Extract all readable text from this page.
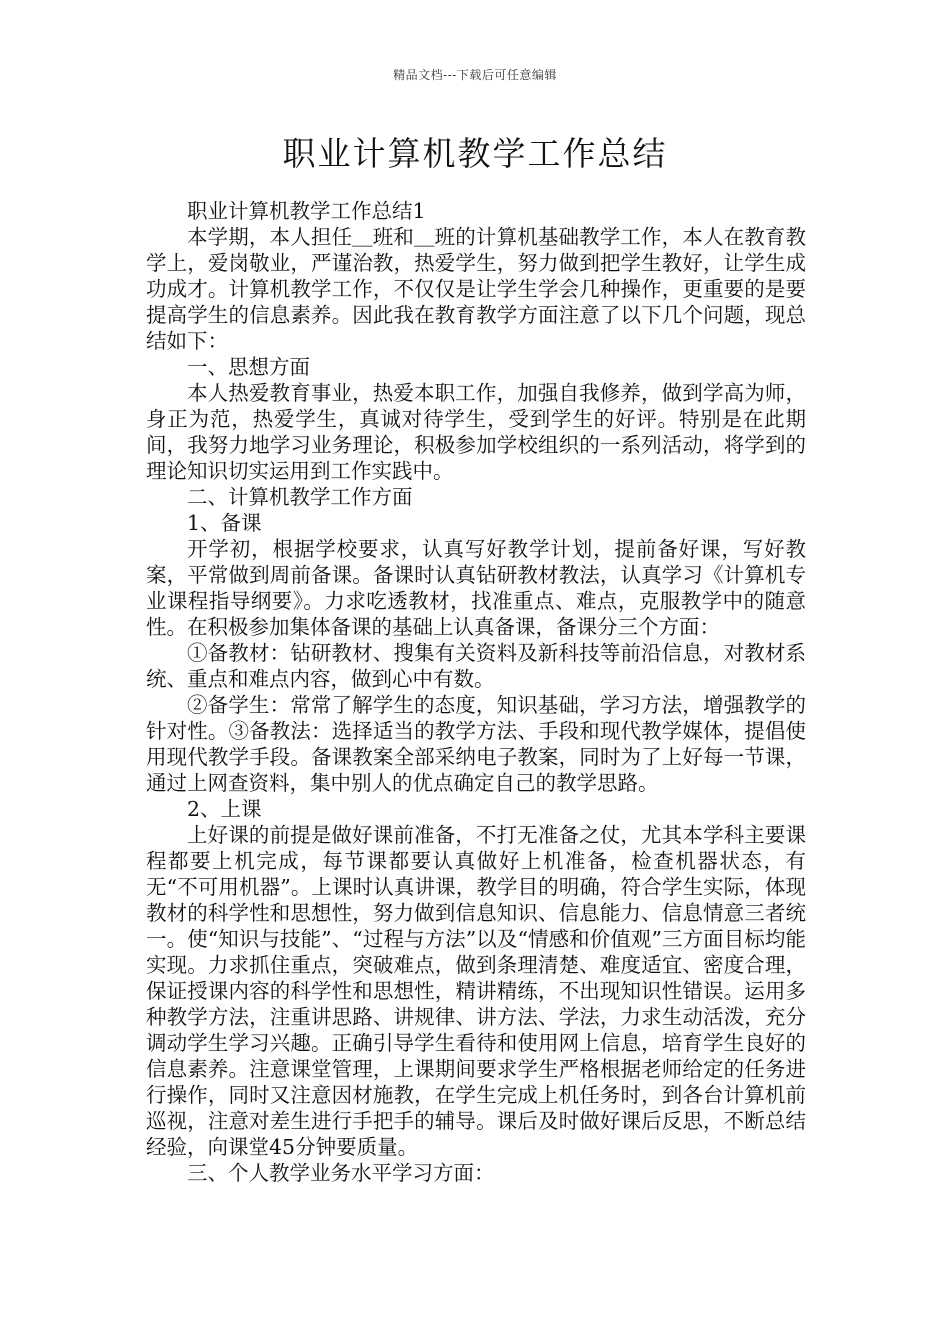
精品文档---下载后可任意编辑
职业计算机教学工作总结

职业计算机教学工作总结1

本学期，本人担任＿班和＿班的计算机基础教学工作，本人在教育教学上，爱岗敬业，严谨治教，热爱学生，努力做到把学生教好，让学生成功成才。计算机教学工作，不仅仅是让学生学会几种操作，更重要的是要提高学生的信息素养。因此我在教育教学方面注意了以下几个问题，现总结如下：

一、思想方面

本人热爱教育事业，热爱本职工作，加强自我修养，做到学高为师，身正为范，热爱学生，真诚对待学生，受到学生的好评。特别是在此期间，我努力地学习业务理论，积极参加学校组织的一系列活动，将学到的理论知识切实运用到工作实践中。

二、计算机教学工作方面

1、备课

开学初，根据学校要求，认真写好教学计划，提前备好课，写好教案，平常做到周前备课。备课时认真钻研教材教法，认真学习《计算机专业课程指导纲要》。力求吃透教材，找准重点、难点，克服教学中的随意性。在积极参加集体备课的基础上认真备课，备课分三个方面：

①备教材：钻研教材、搜集有关资料及新科技等前沿信息，对教材系统、重点和难点内容，做到心中有数。

②备学生：常常了解学生的态度，知识基础，学习方法，增强教学的针对性。③备教法：选择适当的教学方法、手段和现代教学媒体，提倡使用现代教学手段。备课教案全部采纳电子教案，同时为了上好每一节课，通过上网查资料，集中别人的优点确定自己的教学思路。

2、上课

上好课的前提是做好课前准备，不打无准备之仗，尤其本学科主要课程都要上机完成，每节课都要认真做好上机准备，检查机器状态，有无“不可用机器”。上课时认真讲课，教学目的明确，符合学生实际，体现教材的科学性和思想性，努力做到信息知识、信息能力、信息情意三者统一。使“知识与技能”、“过程与方法”以及“情感和价值观”三方面目标均能实现。力求抓住重点，突破难点，做到条理清楚、难度适宜、密度合理，保证授课内容的科学性和思想性，精讲精练，不出现知识性错误。运用多种教学方法，注重讲思路、讲规律、讲方法、学法，力求生动活泼，充分调动学生学习兴趣。正确引导学生看待和使用网上信息，培育学生良好的信息素养。注意课堂管理，上课期间要求学生严格根据老师给定的任务进行操作，同时又注意因材施教，在学生完成上机任务时，到各台计算机前巡视，注意对差生进行手把手的辅导。课后及时做好课后反思，不断总结经验，向课堂45分钟要质量。

三、个人教学业务水平学习方面：
